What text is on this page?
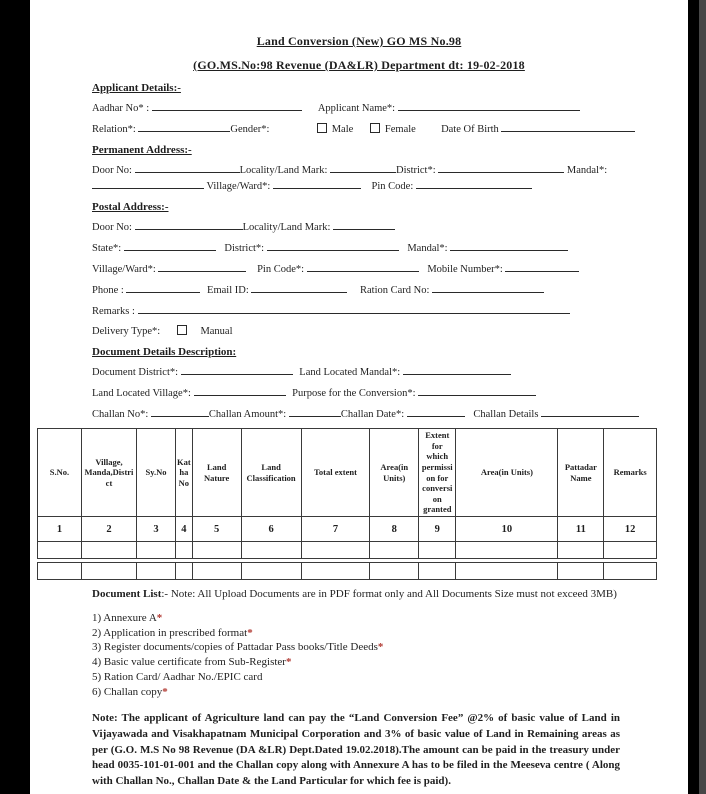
Land Conversion (New) GO MS No.98
(GO.MS.No:98 Revenue (DA&LR) Department dt: 19-02-2018
Applicant Details:-
Aadhar No* :	Applicant Name*:
Relation*:	Gender*:	Male	Female Date Of Birth
Permanent Address:-
Door No:	Locality/Land Mark:	District*:	Mandal*:
Village/Ward*:	Pin Code:
Postal Address:-
Door No:	Locality/Land Mark:
State*:	District*:	Mandal*:
Village/Ward*:	Pin Code*:	Mobile Number*:
Phone :	Email ID:	Ration Card No:
Remarks :
Delivery Type*:	Manual
Document Details Description:
Document District*:	Land Located Mandal*:
Land Located Village*:	Purpose for the Conversion*:
Challan No*:	Challan Amount*:	Challan Date*:	Challan Details
S.No.	Village, Manda,District	Sy.No	KathaNo	Land Nature	Land Classification	Total extent	Area(in Units)	Extent for which permission for conversion granted	Area(in Units)	Pattadar Name	Remarks
1	2	3	4	5	6	7	8	9	10	11	12

Document List:- Note: All Upload Documents are in PDF format only and All Documents Size must not exceed 3MB)

1) Annexure A*
2) Application in prescribed format*
3) Register documents/copies of Pattadar Pass books/Title Deeds*
4) Basic value certificate from Sub-Register*
5) Ration Card/ Aadhar No./EPIC card
6) Challan copy*

Note: The applicant of Agriculture land can pay the “Land Conversion Fee” @2% of basic value of Land in Vijayawada and Visakhapatnam Municipal Corporation and 3% of basic value of Land in Remaining areas as per (G.O. M.S No 98 Revenue (DA &LR) Dept.Dated 19.02.2018).The amount can be paid in the treasury under head 0035-101-01-001 and the Challan copy along with Annexure A has to be filed in the Meeseva centre ( Along with Challan No., Challan Date & the Land Particular for which fee is paid).
